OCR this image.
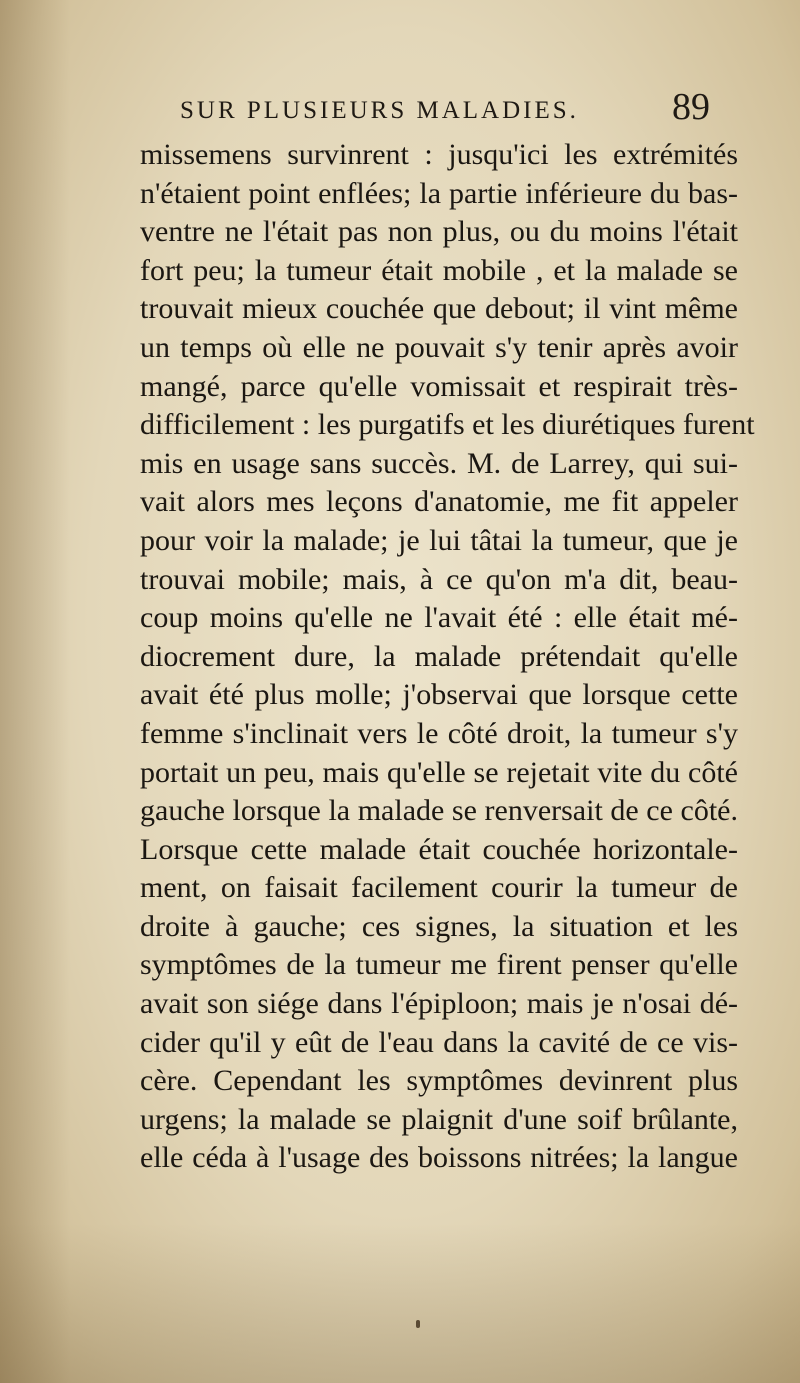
SUR PLUSIEURS MALADIES. 89
missemens survinrent : jusqu'ici les extrémités
n'étaient point enflées; la partie inférieure du bas-
ventre ne l'était pas non plus, ou du moins l'était
fort peu; la tumeur était mobile , et la malade se
trouvait mieux couchée que debout; il vint même
un temps où elle ne pouvait s'y tenir après avoir
mangé, parce qu'elle vomissait et respirait très-
difficilement : les purgatifs et les diurétiques furent
mis en usage sans succès. M. de Larrey, qui sui-
vait alors mes leçons d'anatomie, me fit appeler
pour voir la malade; je lui tâtai la tumeur, que je
trouvai mobile; mais, à ce qu'on m'a dit, beau-
coup moins qu'elle ne l'avait été : elle était mé-
diocrement dure, la malade prétendait qu'elle
avait été plus molle; j'observai que lorsque cette
femme s'inclinait vers le côté droit, la tumeur s'y
portait un peu, mais qu'elle se rejetait vite du côté
gauche lorsque la malade se renversait de ce côté.
Lorsque cette malade était couchée horizontale-
ment, on faisait facilement courir la tumeur de
droite à gauche; ces signes, la situation et les
symptômes de la tumeur me firent penser qu'elle
avait son siége dans l'épiploon; mais je n'osai dé-
cider qu'il y eût de l'eau dans la cavité de ce vis-
cère. Cependant les symptômes devinrent plus
urgens; la malade se plaignit d'une soif brûlante,
elle céda à l'usage des boissons nitrées; la langue
